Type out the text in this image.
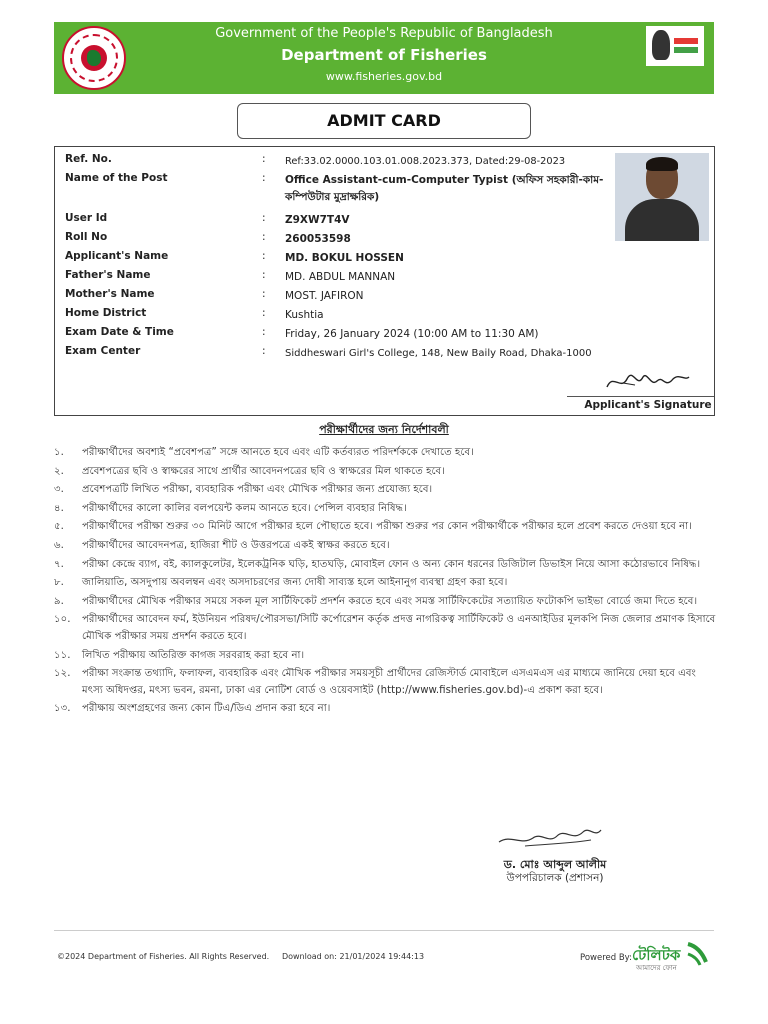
Government of the People's Republic of Bangladesh
Department of Fisheries
www.fisheries.gov.bd
ADMIT CARD
Ref. No.	: Ref:33.02.0000.103.01.008.2023.373, Dated:29-08-2023
Name of the Post	: Office Assistant-cum-Computer Typist (অফিস সহকারী-কাম-কম্পিউটার মুদ্রাক্ষরিক)
User Id	: Z9XW7T4V
Roll No	: 260053598
Applicant's Name	: MD. BOKUL HOSSEN
Father's Name	: MD. ABDUL MANNAN
Mother's Name	: MOST. JAFIRON
Home District	: Kushtia
Exam Date & Time	: Friday, 26 January 2024 (10:00 AM to 11:30 AM)
Exam Center	: Siddheswari Girl's College, 148, New Baily Road, Dhaka-1000
Applicant's Signature
পরীক্ষার্থীদের জন্য নির্দেশাবলী
১. পরীক্ষার্থীদের অবশ্যই “প্রবেশপত্র” সঙ্গে আনতে হবে এবং এটি কর্তব্যরত পরিদর্শককে দেখাতে হবে।
২. প্রবেশপত্রের ছবি ও স্বাক্ষরের সাথে প্রার্থীর আবেদনপত্রের ছবি ও স্বাক্ষরের মিল থাকতে হবে।
৩. প্রবেশপত্রটি লিখিত পরীক্ষা, ব্যবহারিক পরীক্ষা এবং মৌখিক পরীক্ষার জন্য প্রযোজ্য হবে।
৪. পরীক্ষার্থীদের কালো কালির বলপয়েন্ট কলম আনতে হবে। পেন্সিল ব্যবহার নিষিদ্ধ।
৫. পরীক্ষার্থীদের পরীক্ষা শুরুর ৩০ মিনিট আগে পরীক্ষার হলে পৌছাতে হবে। পরীক্ষা শুরুর পর কোন পরীক্ষার্থীকে পরীক্ষার হলে প্রবেশ করতে দেওয়া হবে না।
৬. পরীক্ষার্থীদের আবেদনপত্র, হাজিরা শীট ও উত্তরপত্রে একই স্বাক্ষর করতে হবে।
৭. পরীক্ষা কেন্দ্রে ব্যাগ, বই, ক্যালকুলেটর, ইলেকট্রনিক ঘড়ি, হাতঘড়ি, মোবাইল ফোন ও অন্য কোন ধরনের ডিজিটাল ডিভাইস নিয়ে আসা কঠোরভাবে নিষিদ্ধ।
৮. জালিয়াতি, অসদুপায় অবলম্বন এবং অসদাচরণের জন্য দোষী সাব্যস্ত হলে আইনানুগ ব্যবস্থা গ্রহণ করা হবে।
৯. পরীক্ষার্থীদের মৌখিক পরীক্ষার সময়ে সকল মূল সার্টিফিকেট প্রদর্শন করতে হবে এবং সমস্ত সার্টিফিকেটের সত্যায়িত ফটোকপি ভাইভা বোর্ডে জমা দিতে হবে।
১০. পরীক্ষার্থীদের আবেদন ফর্ম, ইউনিয়ন পরিষদ/পৌরসভা/সিটি কর্পোরেশন কর্তৃক প্রদত্ত নাগরিকত্ব সার্টিফিকেট ও এনআইডির মূলকপি নিজ জেলার প্রমাণক হিসাবে মৌখিক পরীক্ষার সময় প্রদর্শন করতে হবে।
১১. লিখিত পরীক্ষায় অতিরিক্ত কাগজ সরবরাহ করা হবে না।
১২. পরীক্ষা সংক্রান্ত তথ্যাদি, ফলাফল, ব্যবহারিক এবং মৌখিক পরীক্ষার সময়সূচী প্রার্থীদের রেজিস্টার্ড মোবাইলে এসএমএস এর মাধ্যমে জানিয়ে দেয়া হবে এবং মৎস্য অধিদপ্তর, মৎস্য ভবন, রমনা, ঢাকা এর নোটিশ বোর্ড ও ওয়েবসাইট (http://www.fisheries.gov.bd)-এ প্রকাশ করা হবে।
১৩. পরীক্ষায় অংশগ্রহণের জন্য কোন টিএ/ডিএ প্রদান করা হবে না।
ড. মোঃ আব্দুল আলীম
উপপরিচালক (প্রশাসন)
©2024 Department of Fisheries. All Rights Reserved. Download on: 21/01/2024 19:44:13	Powered By: টেলিটক
আমাদের ফোন
